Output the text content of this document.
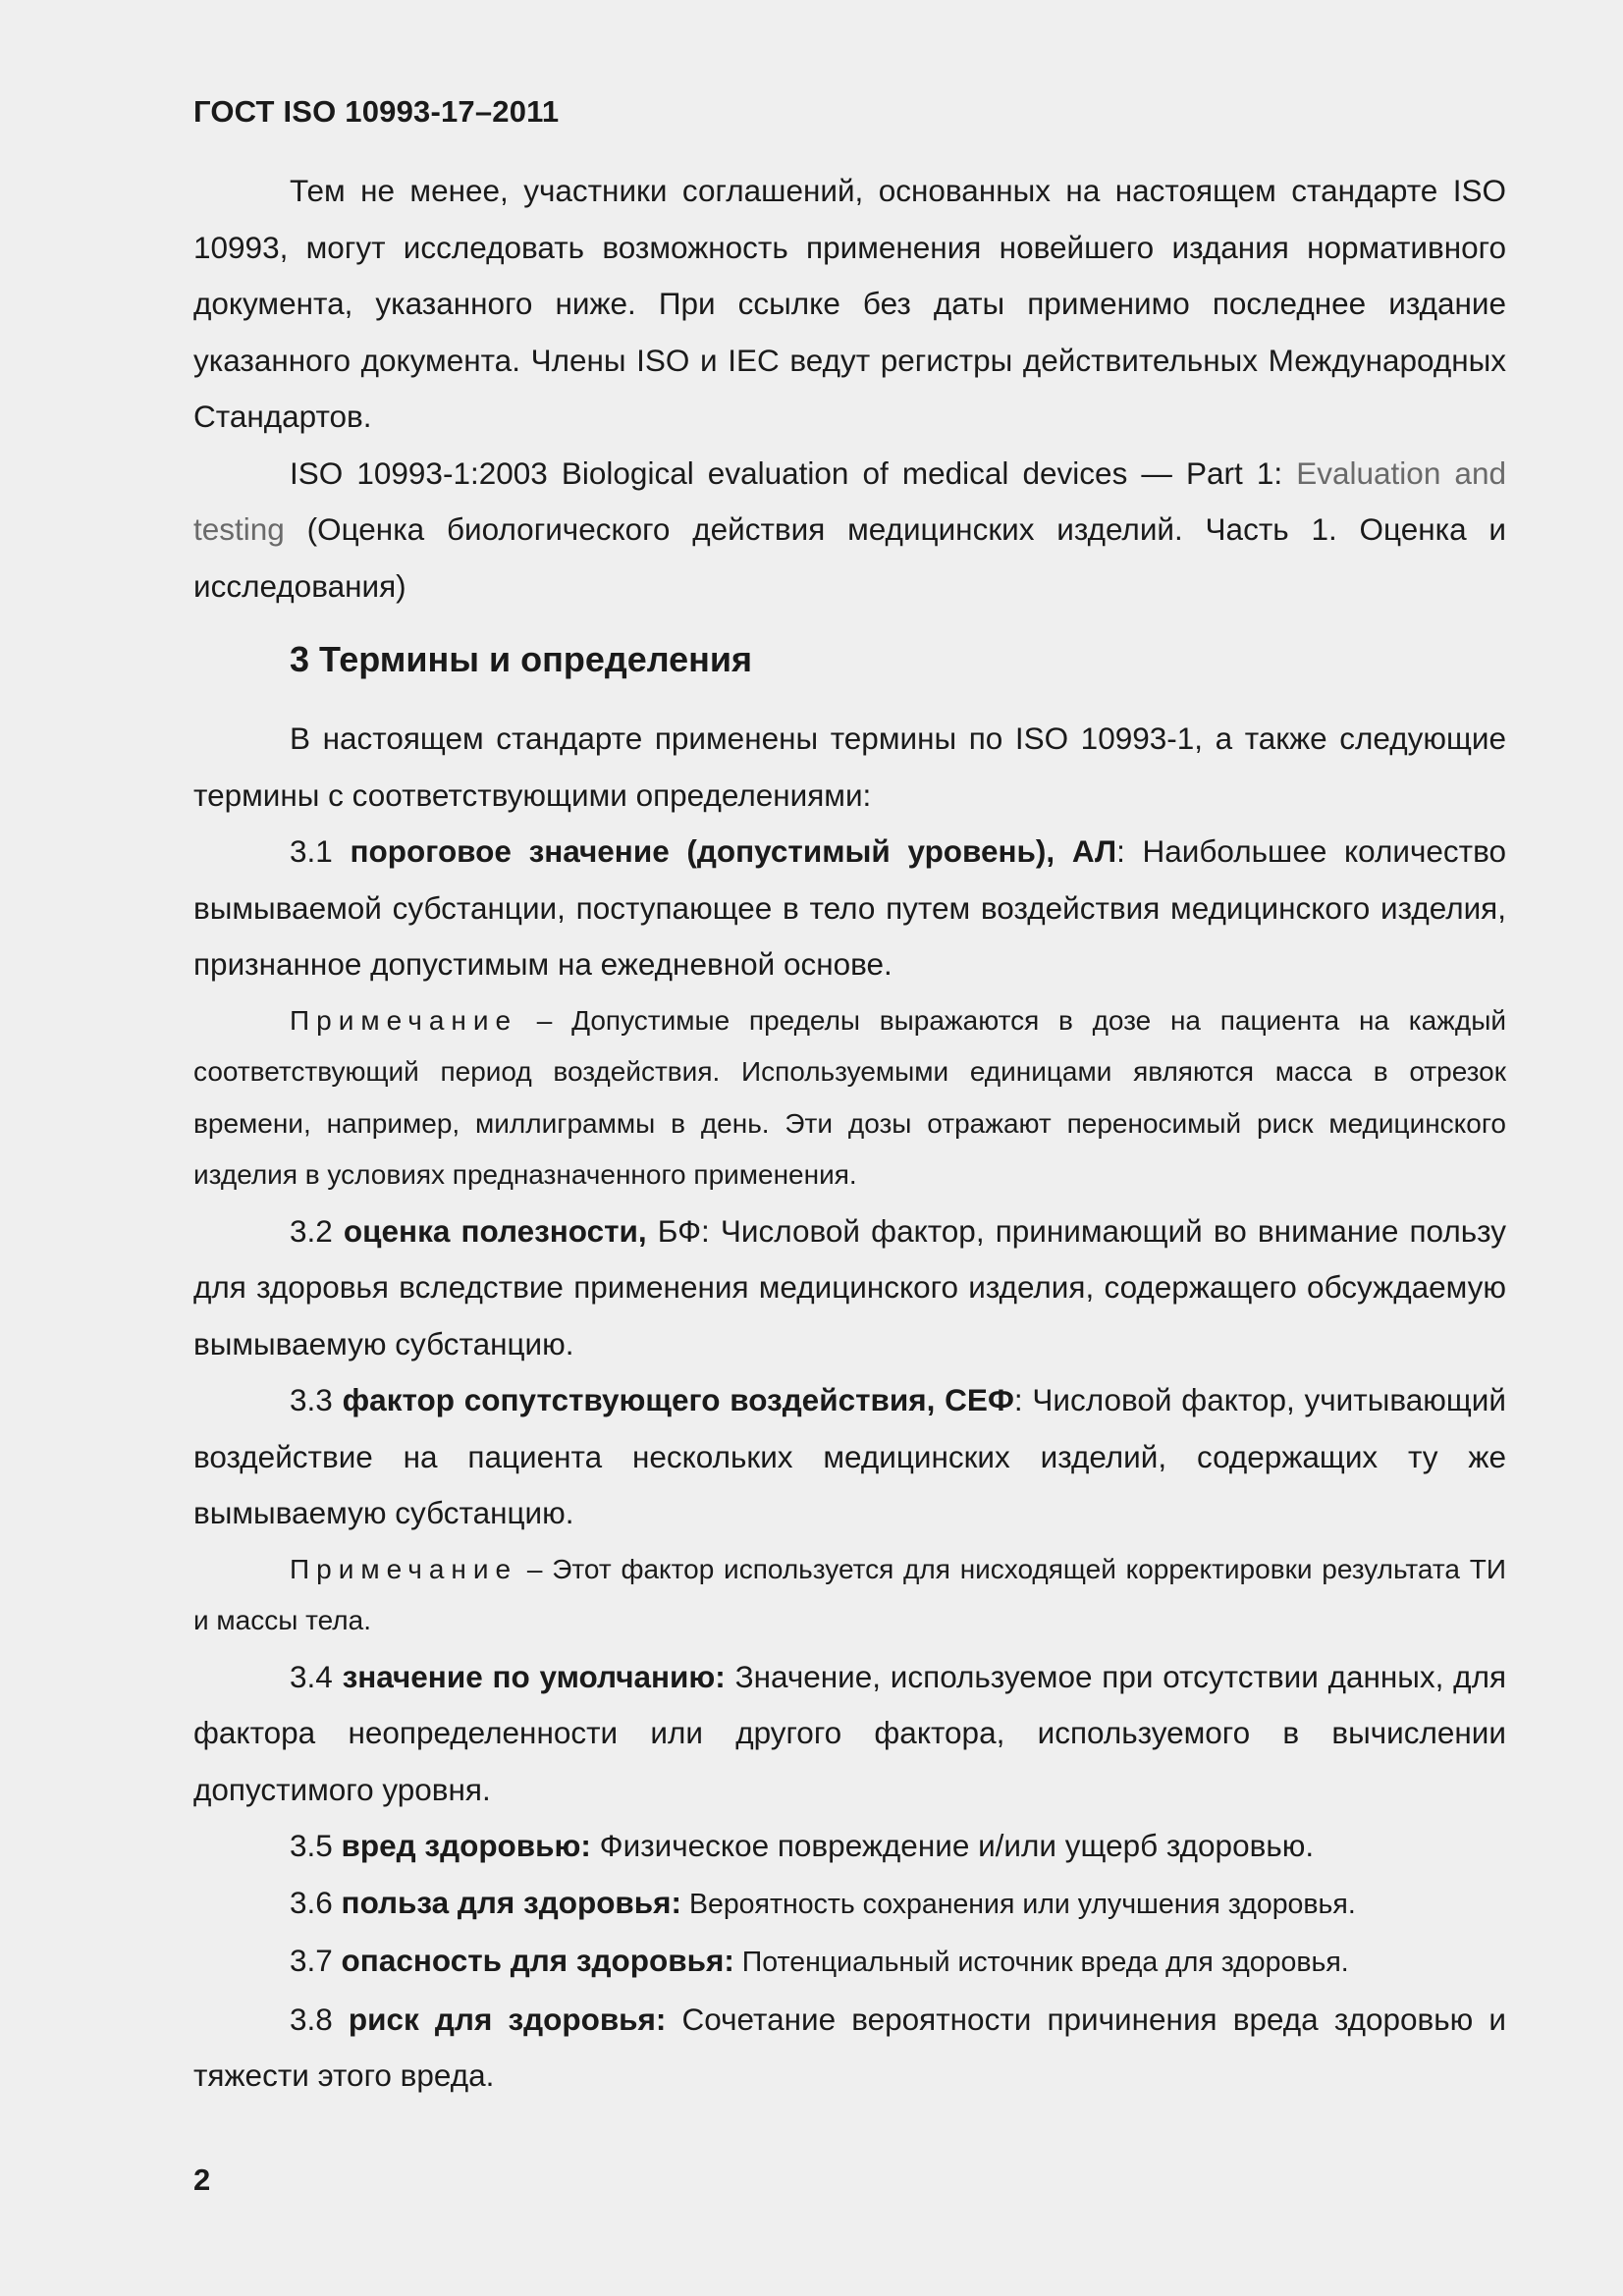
ГОСТ ISO 10993-17–2011

Тем не менее, участники соглашений, основанных на настоящем стандарте ISO 10993, могут исследовать возможность применения новейшего издания нормативного документа, указанного ниже. При ссылке без даты применимо последнее издание указанного документа. Члены ISO и IEC ведут регистры действительных Международных Стандартов.

ISO 10993-1:2003 Biological evaluation of medical devices — Part 1: Evaluation and testing (Оценка биологического действия медицинских изделий. Часть 1. Оценка и исследования)

3 Термины и определения

В настоящем стандарте применены термины по ISO 10993-1, а также следующие термины с соответствующими определениями:

3.1 пороговое значение (допустимый уровень), АЛ: Наибольшее количество вымываемой субстанции, поступающее в тело путем воздействия медицинского изделия, признанное допустимым на ежедневной основе.

Примечание – Допустимые пределы выражаются в дозе на пациента на каждый соответствующий период воздействия. Используемыми единицами являются масса в отрезок времени, например, миллиграммы в день. Эти дозы отражают переносимый риск медицинского изделия в условиях предназначенного применения.

3.2 оценка полезности, БФ: Числовой фактор, принимающий во внимание пользу для здоровья вследствие применения медицинского изделия, содержащего обсуждаемую вымываемую субстанцию.

3.3 фактор сопутствующего воздействия, СЕФ: Числовой фактор, учитывающий воздействие на пациента нескольких медицинских изделий, содержащих ту же вымываемую субстанцию.

Примечание – Этот фактор используется для нисходящей корректировки результата ТИ и массы тела.

3.4 значение по умолчанию: Значение, используемое при отсутствии данных, для фактора неопределенности или другого фактора, используемого в вычислении допустимого уровня.

3.5 вред здоровью: Физическое повреждение и/или ущерб здоровью.

3.6 польза для здоровья: Вероятность сохранения или улучшения здоровья.

3.7 опасность для здоровья: Потенциальный источник вреда для здоровья.

3.8 риск для здоровья: Сочетание вероятности причинения вреда здоровью и тяжести этого вреда.

2
